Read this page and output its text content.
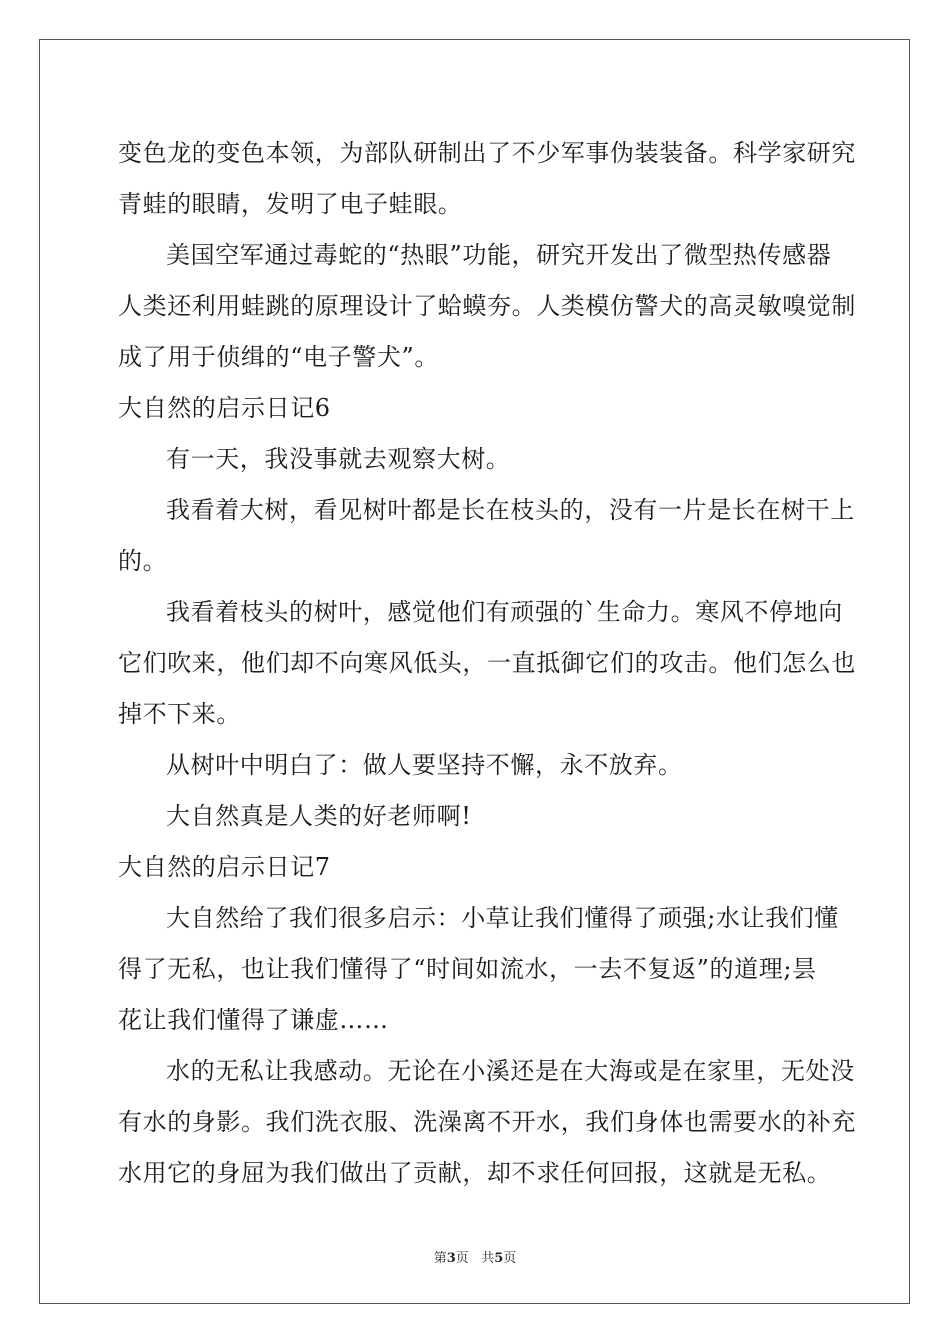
变色龙的变色本领，为部队研制出了不少军事伪装装备。科学家研究
青蛙的眼睛，发明了电子蛙眼。
美国空军通过毒蛇的“热眼”功能，研究开发出了微型热传感器
人类还利用蛙跳的原理设计了蛤蟆夯。人类模仿警犬的高灵敏嗅觉制
成了用于侦缉的“电子警犬”。
大自然的启示日记6
有一天，我没事就去观察大树。
我看着大树，看见树叶都是长在枝头的，没有一片是长在树干上
的。
我看着枝头的树叶，感觉他们有顽强的`生命力。寒风不停地向
它们吹来，他们却不向寒风低头，一直抵御它们的攻击。他们怎么也
掉不下来。
从树叶中明白了：做人要坚持不懈，永不放弃。
大自然真是人类的好老师啊!
大自然的启示日记7
大自然给了我们很多启示：小草让我们懂得了顽强;水让我们懂
得了无私，也让我们懂得了“时间如流水，一去不复返”的道理;昙
花让我们懂得了谦虚……
水的无私让我感动。无论在小溪还是在大海或是在家里，无处没
有水的身影。我们洗衣服、洗澡离不开水，我们身体也需要水的补充
水用它的身屈为我们做出了贡献，却不求任何回报，这就是无私。
第3页 共5页
